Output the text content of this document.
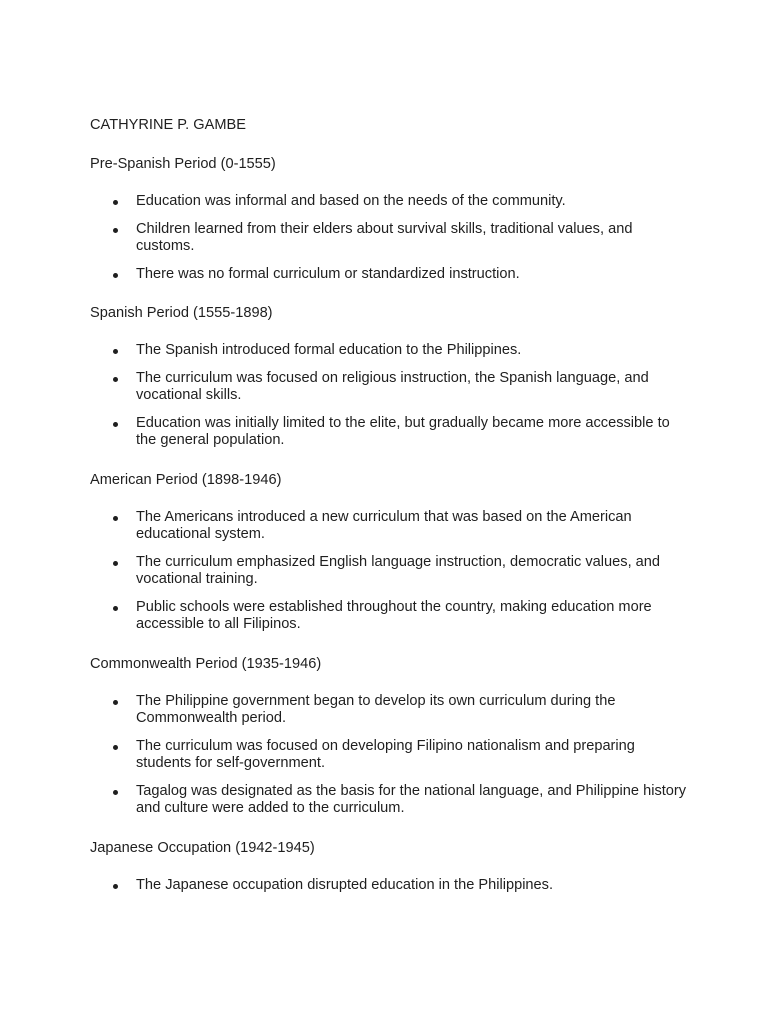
CATHYRINE P. GAMBE

Pre-Spanish Period (0-1555)

Education was informal and based on the needs of the community.
Children learned from their elders about survival skills, traditional values, and customs.
There was no formal curriculum or standardized instruction.

Spanish Period (1555-1898)

The Spanish introduced formal education to the Philippines.
The curriculum was focused on religious instruction, the Spanish language, and vocational skills.
Education was initially limited to the elite, but gradually became more accessible to the general population.

American Period (1898-1946)

The Americans introduced a new curriculum that was based on the American educational system.
The curriculum emphasized English language instruction, democratic values, and vocational training.
Public schools were established throughout the country, making education more accessible to all Filipinos.

Commonwealth Period (1935-1946)

The Philippine government began to develop its own curriculum during the Commonwealth period.
The curriculum was focused on developing Filipino nationalism and preparing students for self-government.
Tagalog was designated as the basis for the national language, and Philippine history and culture were added to the curriculum.

Japanese Occupation (1942-1945)

The Japanese occupation disrupted education in the Philippines.
